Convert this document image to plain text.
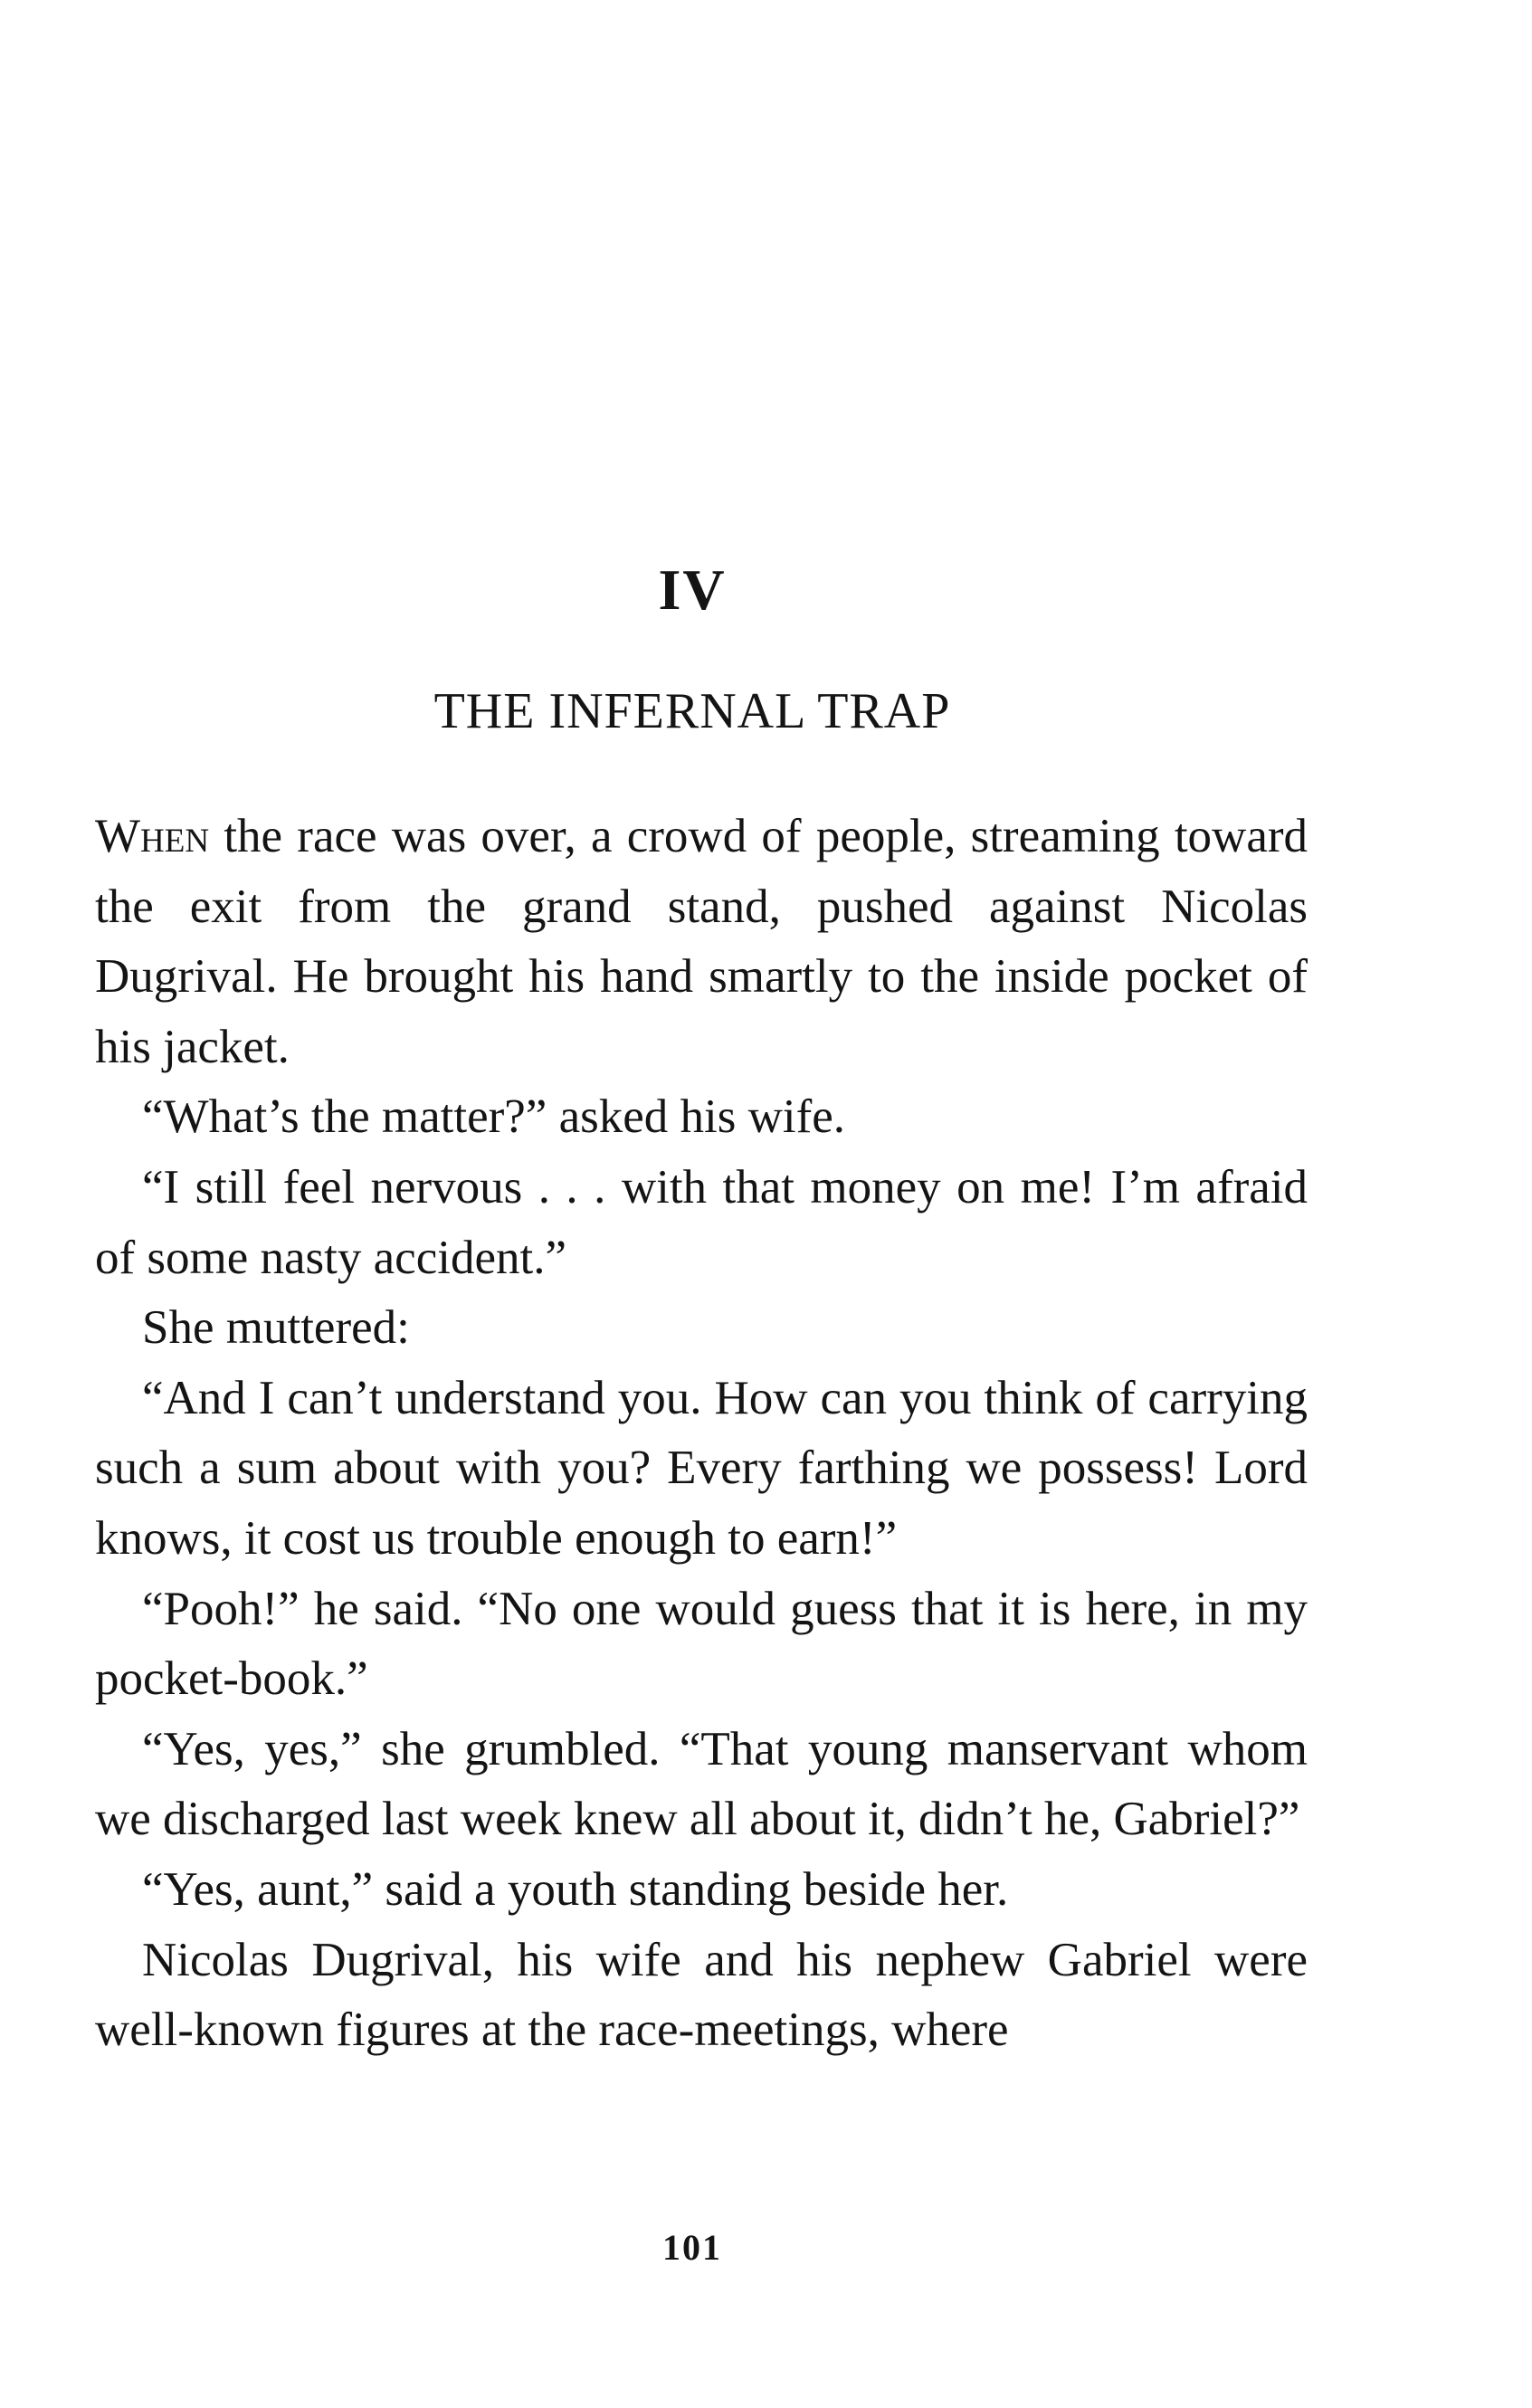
IV
THE INFERNAL TRAP

When the race was over, a crowd of people, streaming toward the exit from the grand stand, pushed against Nicolas Dugrival. He brought his hand smartly to the inside pocket of his jacket.

“What’s the matter?” asked his wife.

“I still feel nervous . . . with that money on me! I’m afraid of some nasty accident.”

She muttered:

“And I can’t understand you. How can you think of carrying such a sum about with you? Every farthing we possess! Lord knows, it cost us trouble enough to earn!”

“Pooh!” he said. “No one would guess that it is here, in my pocket-book.”

“Yes, yes,” she grumbled. “That young manservant whom we discharged last week knew all about it, didn’t he, Gabriel?”

“Yes, aunt,” said a youth standing beside her.

Nicolas Dugrival, his wife and his nephew Gabriel were well-known figures at the race-meetings, where

101
